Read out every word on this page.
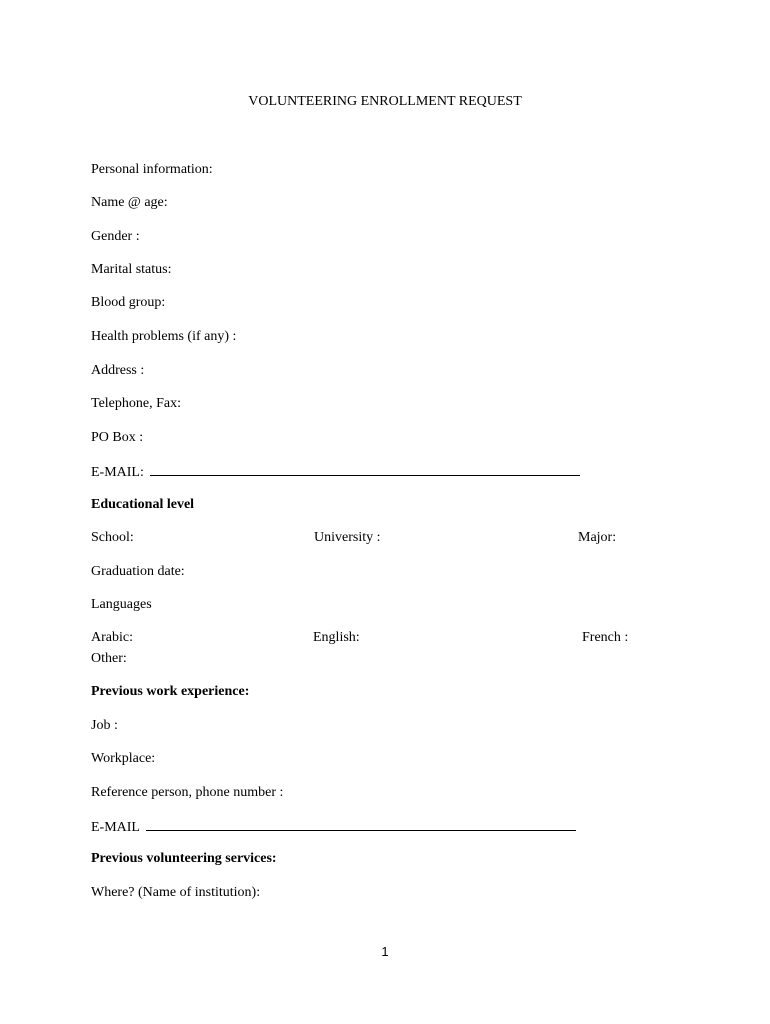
VOLUNTEERING ENROLLMENT REQUEST
Personal information:
Name @ age:
Gender :
Marital status:
Blood group:
Health problems (if any) :
Address :
Telephone, Fax:
PO Box :
E-MAIL:
Educational level
School:	University :	Major:
Graduation date:
Languages
Arabic:	English:	French :
Other:
Previous work experience:
Job :
Workplace:
Reference person, phone number :
E-MAIL
Previous volunteering services:
Where? (Name of institution):
1
